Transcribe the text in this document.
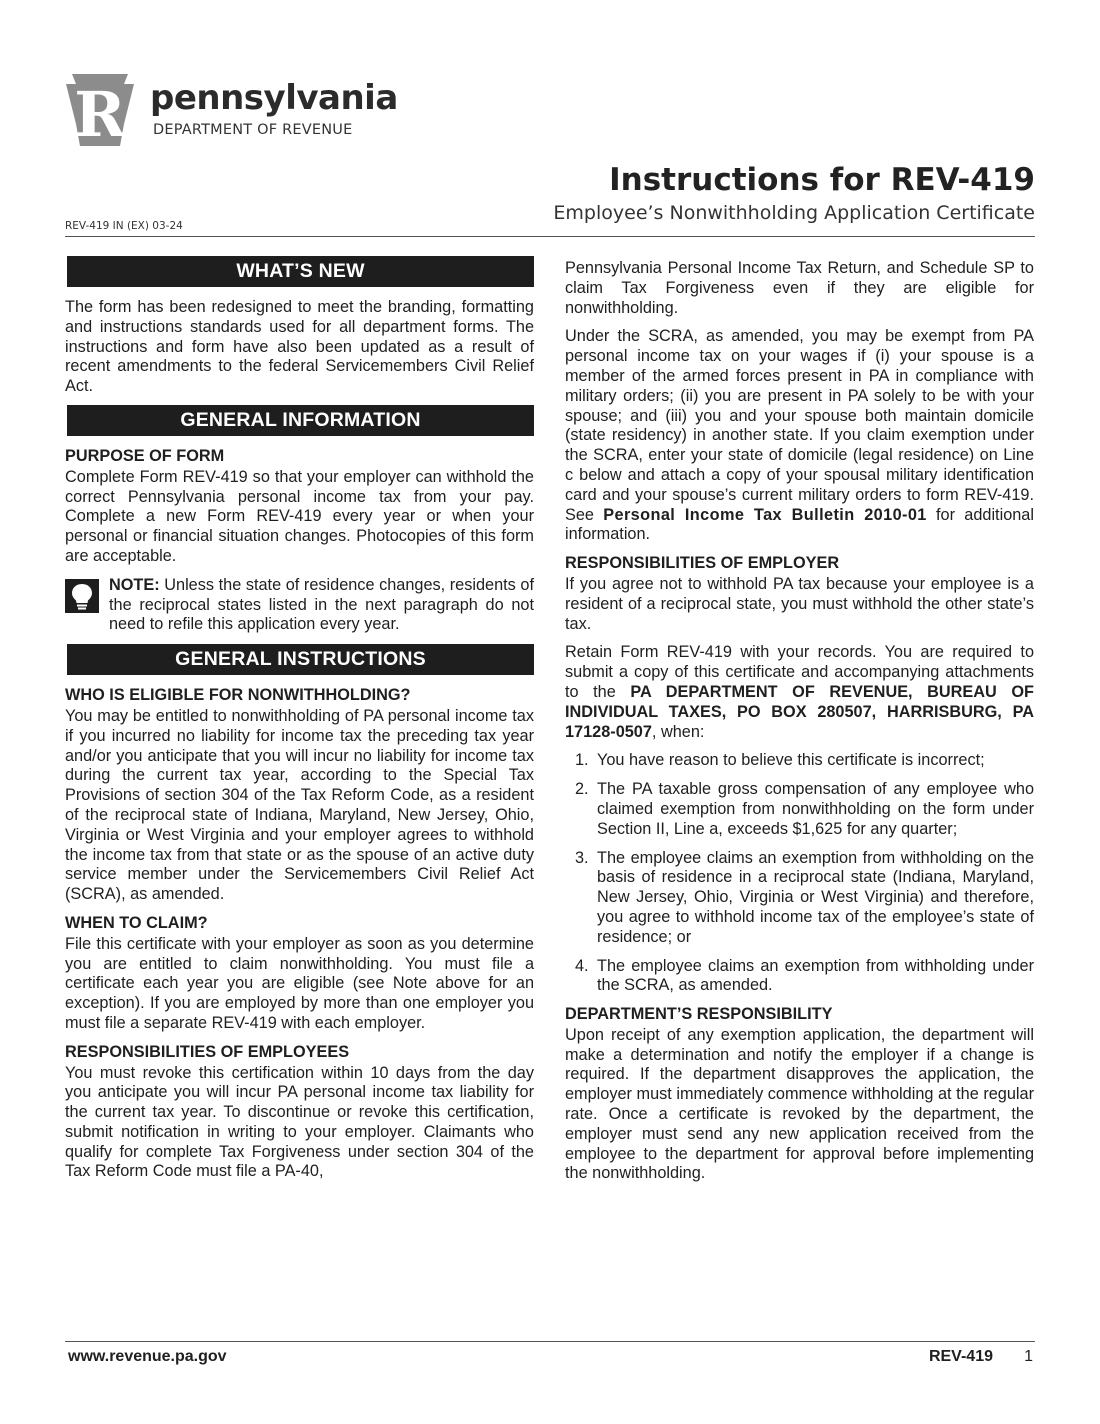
R pennsylvania
DEPARTMENT OF REVENUE
Instructions for REV-419
Employee’s Nonwithholding Application Certificate
REV-419 IN (EX) 03-24
WHAT’S NEW

The form has been redesigned to meet the branding, formatting and instructions standards used for all department forms. The instructions and form have also been updated as a result of recent amendments to the federal Servicemembers Civil Relief Act.

GENERAL INFORMATION
PURPOSE OF FORM

Complete Form REV-419 so that your employer can withhold the correct Pennsylvania personal income tax from your pay. Complete a new Form REV-419 every year or when your personal or financial situation changes. Photocopies of this form are acceptable.

NOTE: Unless the state of residence changes, residents of the reciprocal states listed in the next paragraph do not need to refile this application every year.
GENERAL INSTRUCTIONS
WHO IS ELIGIBLE FOR NONWITHHOLDING?

You may be entitled to nonwithholding of PA personal income tax if you incurred no liability for income tax the preceding tax year and/or you anticipate that you will incur no liability for income tax during the current tax year, according to the Special Tax Provisions of section 304 of the Tax Reform Code, as a resident of the reciprocal state of Indiana, Maryland, New Jersey, Ohio, Virginia or West Virginia and your employer agrees to withhold the income tax from that state or as the spouse of an active duty service member under the Servicemembers Civil Relief Act (SCRA), as amended.

WHEN TO CLAIM?

File this certificate with your employer as soon as you determine you are entitled to claim nonwithholding. You must file a certificate each year you are eligible (see Note above for an exception). If you are employed by more than one employer you must file a separate REV-419 with each employer.

RESPONSIBILITIES OF EMPLOYEES

You must revoke this certification within 10 days from the day you anticipate you will incur PA personal income tax liability for the current tax year. To discontinue or revoke this certification, submit notification in writing to your employer. Claimants who qualify for complete Tax Forgiveness under section 304 of the Tax Reform Code must file a PA-40,

Pennsylvania Personal Income Tax Return, and Schedule SP to claim Tax Forgiveness even if they are eligible for nonwithholding.

Under the SCRA, as amended, you may be exempt from PA personal income tax on your wages if (i) your spouse is a member of the armed forces present in PA in compliance with military orders; (ii) you are present in PA solely to be with your spouse; and (iii) you and your spouse both maintain domicile (state residency) in another state. If you claim exemption under the SCRA, enter your state of domicile (legal residence) on Line c below and attach a copy of your spousal military identification card and your spouse’s current military orders to form REV-419. See Personal Income Tax Bulletin 2010-01 for additional information.

RESPONSIBILITIES OF EMPLOYER

If you agree not to withhold PA tax because your employee is a resident of a reciprocal state, you must withhold the other state’s tax.

Retain Form REV-419 with your records. You are required to submit a copy of this certificate and accompanying attachments to the PA DEPARTMENT OF REVENUE, BUREAU OF INDIVIDUAL TAXES, PO BOX 280507, HARRISBURG, PA 17128-0507, when:

1. You have reason to believe this certificate is incorrect;
2. The PA taxable gross compensation of any employee who claimed exemption from nonwithholding on the form under Section II, Line a, exceeds $1,625 for any quarter;
3. The employee claims an exemption from withholding on the basis of residence in a reciprocal state (Indiana, Maryland, New Jersey, Ohio, Virginia or West Virginia) and therefore, you agree to withhold income tax of the employee’s state of residence; or
4. The employee claims an exemption from withholding under the SCRA, as amended.
DEPARTMENT’S RESPONSIBILITY

Upon receipt of any exemption application, the department will make a determination and notify the employer if a change is required. If the department disapproves the application, the employer must immediately commence withholding at the regular rate. Once a certificate is revoked by the department, the employer must send any new application received from the employee to the department for approval before implementing the nonwithholding.

www.revenue.pa.gov	REV-419 1
